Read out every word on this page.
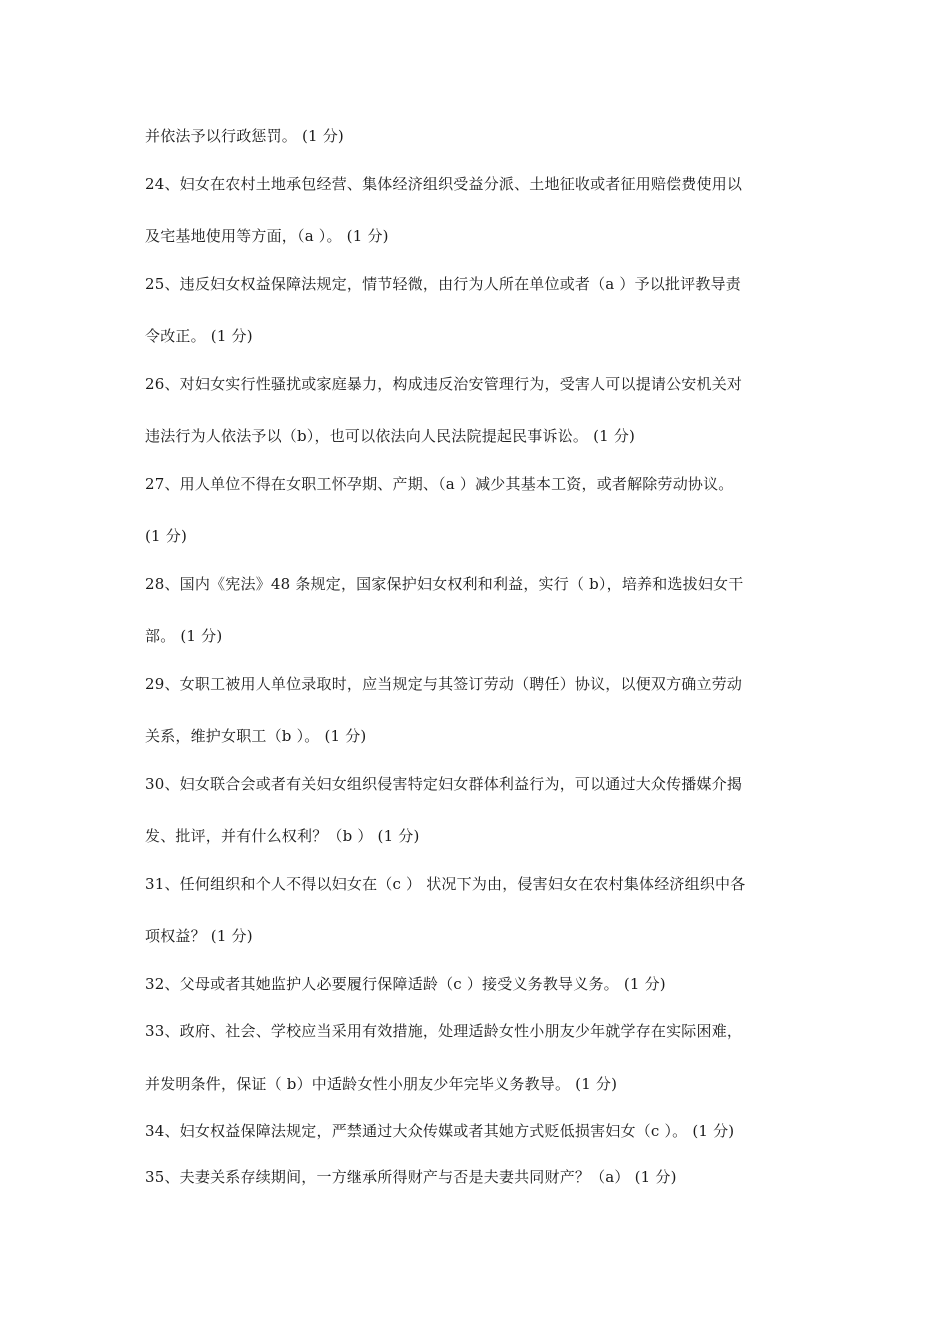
并依法予以行政惩罚。 (1 分)
24、妇女在农村土地承包经营、集体经济组织受益分派、土地征收或者征用赔偿费使用以
及宅基地使用等方面，（a ）。 (1 分)
25、违反妇女权益保障法规定，情节轻微，由行为人所在单位或者（a ）予以批评教导责
令改正。 (1 分)
26、对妇女实行性骚扰或家庭暴力，构成违反治安管理行为，受害人可以提请公安机关对
违法行为人依法予以（b），也可以依法向人民法院提起民事诉讼。 (1 分)
27、用人单位不得在女职工怀孕期、产期、（a ）减少其基本工资，或者解除劳动协议。
(1 分)
28、国内《宪法》48 条规定，国家保护妇女权利和利益，实行（ b），培养和选拔妇女干
部。 (1 分)
29、女职工被用人单位录取时，应当规定与其签订劳动（聘任）协议，以便双方确立劳动
关系，维护女职工（b ）。 (1 分)
30、妇女联合会或者有关妇女组织侵害特定妇女群体利益行为，可以通过大众传播媒介揭
发、批评，并有什么权利？（b ） (1 分)
31、任何组织和个人不得以妇女在（c ） 状况下为由，侵害妇女在农村集体经济组织中各
项权益？ (1 分)
32、父母或者其她监护人必要履行保障适龄（c ）接受义务教导义务。 (1 分)
33、政府、社会、学校应当采用有效措施，处理适龄女性小朋友少年就学存在实际困难，
并发明条件，保证（ b）中适龄女性小朋友少年完毕义务教导。 (1 分)
34、妇女权益保障法规定，严禁通过大众传媒或者其她方式贬低损害妇女（c ）。 (1 分)
35、夫妻关系存续期间，一方继承所得财产与否是夫妻共同财产？（a） (1 分)
